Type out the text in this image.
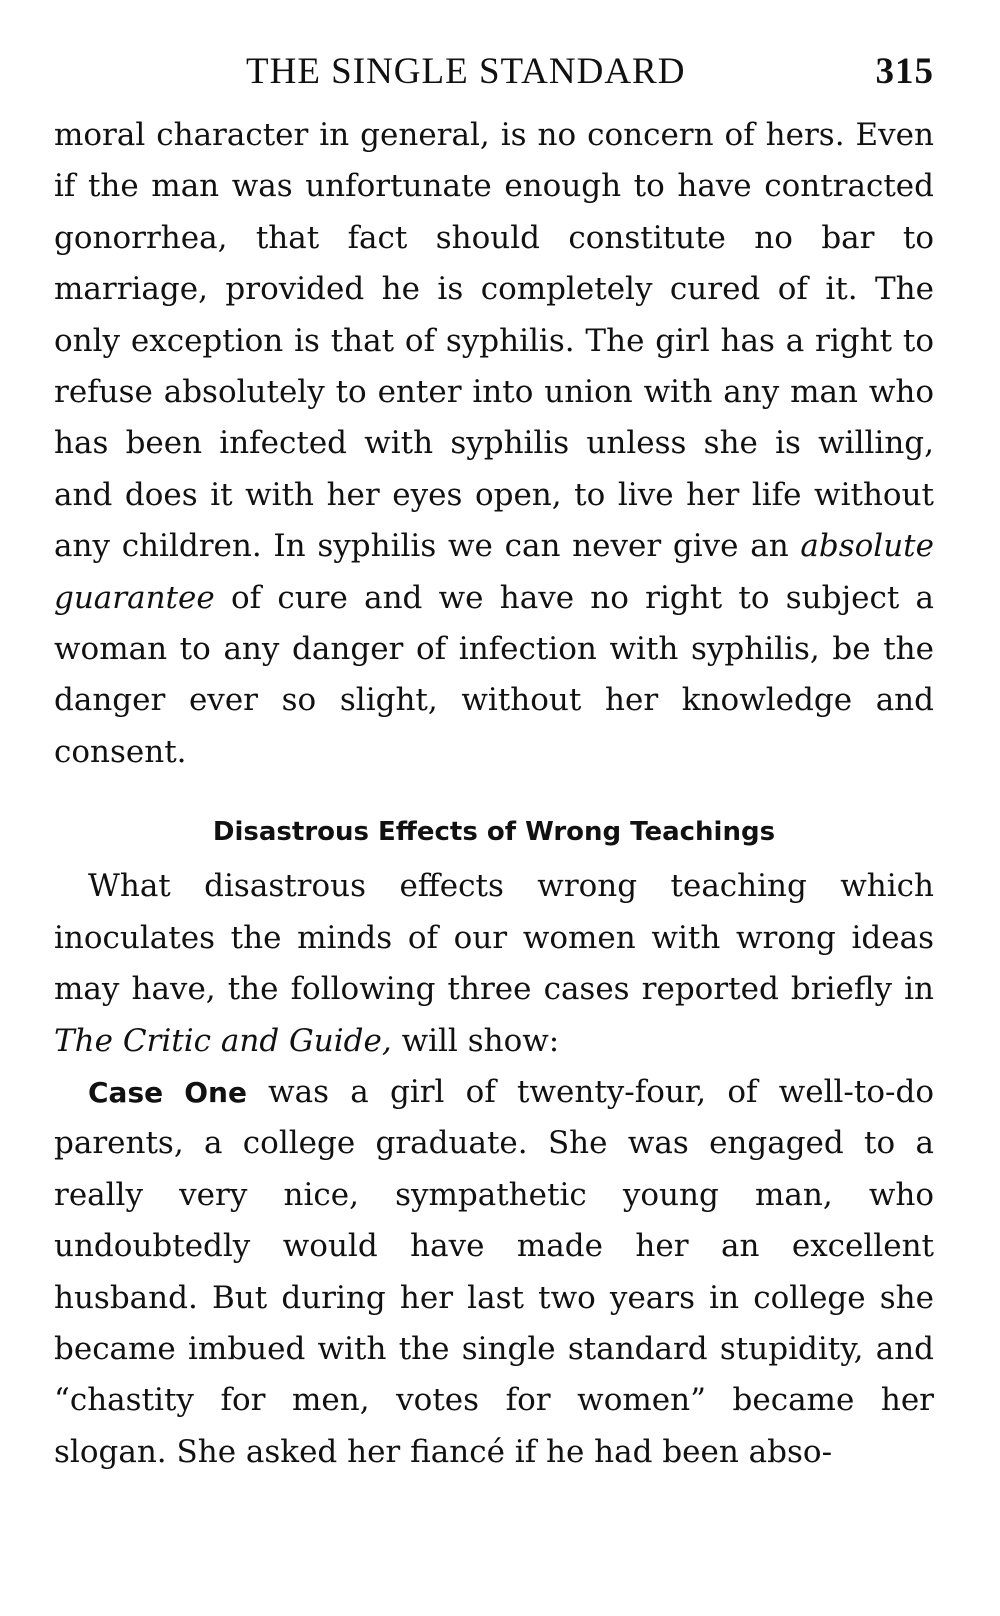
THE SINGLE STANDARD	315

moral character in general, is no concern of hers. Even if the man was unfortunate enough to have contracted gonorrhea, that fact should constitute no bar to marriage, provided he is completely cured of it. The only exception is that of syphilis. The girl has a right to refuse absolutely to enter into union with any man who has been infected with syphilis unless she is willing, and does it with her eyes open, to live her life without any children. In syphilis we can never give an absolute guarantee of cure and we have no right to subject a woman to any danger of infection with syphilis, be the danger ever so slight, without her knowledge and consent.

Disastrous Effects of Wrong Teachings

What disastrous effects wrong teaching which inoculates the minds of our women with wrong ideas may have, the following three cases reported briefly in The Critic and Guide, will show:

Case One was a girl of twenty-four, of well-to-do parents, a college graduate. She was engaged to a really very nice, sympathetic young man, who undoubtedly would have made her an excellent husband. But during her last two years in college she became imbued with the single standard stupidity, and “chastity for men, votes for women” became her slogan. She asked her fiancé if he had been abso-
